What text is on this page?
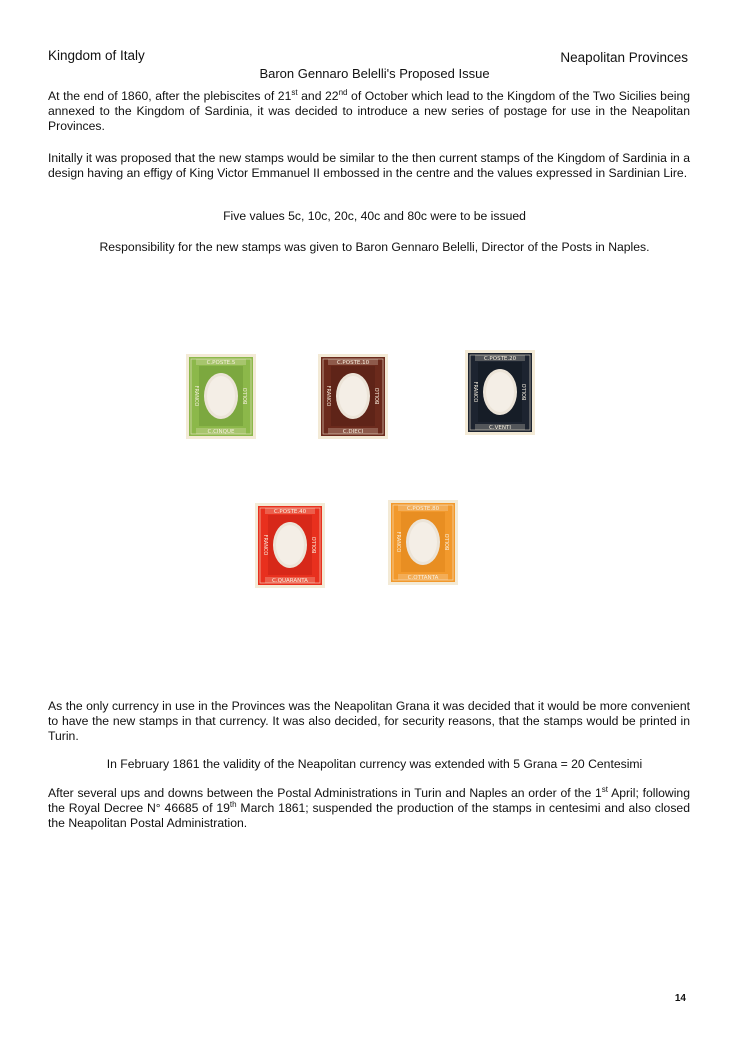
Kingdom of Italy	Neapolitan Provinces
Baron Gennaro Belelli's Proposed Issue
At the end of 1860, after the plebiscites of 21st and 22nd of October which lead to the Kingdom of the Two Sicilies being annexed to the Kingdom of Sardinia, it was decided to introduce a new series of postage for use in the Neapolitan Provinces.
Initally it was proposed that the new stamps would be similar to the then current stamps of the Kingdom of Sardinia in a design having an effigy of King Victor Emmanuel II embossed in the centre and the values expressed in Sardinian Lire.
Five values 5c, 10c, 20c, 40c and 80c were to be issued
Responsibility for the new stamps was given to Baron Gennaro Belelli, Director of the Posts in Naples.
C.POSTE.5
C.CINQUE
FRANCO	BOLLO
C.POSTE.10
C.DIECI
FRANCO	BOLLO
C.POSTE.20
C.VENTI
FRANCO	BOLLO
C.POSTE.40
C.QUARANTA
FRANCO	BOLLO
C.POSTE.80
C.OTTANTA
FRANCO	BOLLO
As the only currency in use in the Provinces was the Neapolitan Grana it was decided that it would be more convenient to have the new stamps in that currency. It was also decided, for security reasons, that the stamps would be printed in Turin.
In February 1861 the validity of the Neapolitan currency was extended with 5 Grana = 20 Centesimi
After several ups and downs between the Postal Administrations in Turin and Naples an order of the 1st April; following the Royal Decree N° 46685 of 19th March 1861; suspended the production of the stamps in centesimi and also closed the Neapolitan Postal Administration.
14
